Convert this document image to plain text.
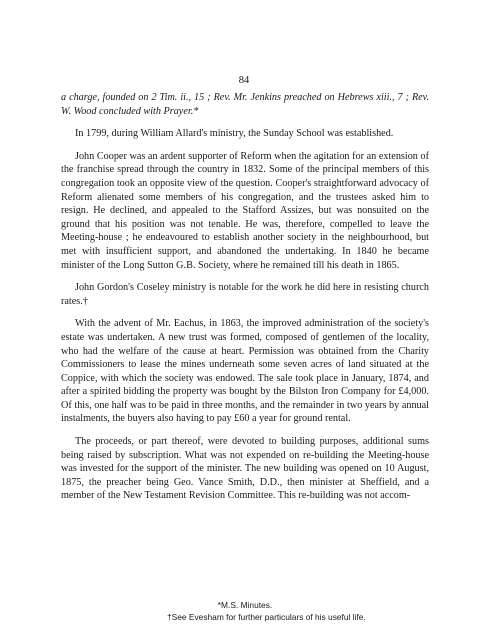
84

a charge, founded on 2 Tim. ii., 15 ; Rev. Mr. Jenkins preached on Hebrews xiii., 7 ; Rev. W. Wood concluded with Prayer.*

In 1799, during William Allard's ministry, the Sunday School was established.

John Cooper was an ardent supporter of Reform when the agitation for an extension of the franchise spread through the country in 1832. Some of the principal members of this congregation took an opposite view of the question. Cooper's straightforward advocacy of Reform alienated some members of his congregation, and the trustees asked him to resign. He declined, and appealed to the Stafford Assizes, but was nonsuited on the ground that his position was not tenable. He was, therefore, compelled to leave the Meeting-house ; he endeavoured to establish another society in the neighbourhood, but met with insufficient support, and abandoned the undertaking. In 1840 he became minister of the Long Sutton G.B. Society, where he remained till his death in 1865.

John Gordon's Coseley ministry is notable for the work he did here in resisting church rates.†

With the advent of Mr. Eachus, in 1863, the improved administration of the society's estate was undertaken. A new trust was formed, composed of gentlemen of the locality, who had the welfare of the cause at heart. Permission was obtained from the Charity Commissioners to lease the mines underneath some seven acres of land situated at the Coppice, with which the society was endowed. The sale took place in January, 1874, and after a spirited bidding the property was bought by the Bilston Iron Company for £4,000. Of this, one half was to be paid in three months, and the remainder in two years by annual instalments, the buyers also having to pay £60 a year for ground rental.

The proceeds, or part thereof, were devoted to building purposes, additional sums being raised by subscription. What was not expended on re-building the Meeting-house was invested for the support of the minister. The new building was opened on 10 August, 1875, the preacher being Geo. Vance Smith, D.D., then minister at Sheffield, and a member of the New Testament Revision Committee. This re-building was not accom-

*M.S. Minutes.

†See Evesham for further particulars of his useful life.
